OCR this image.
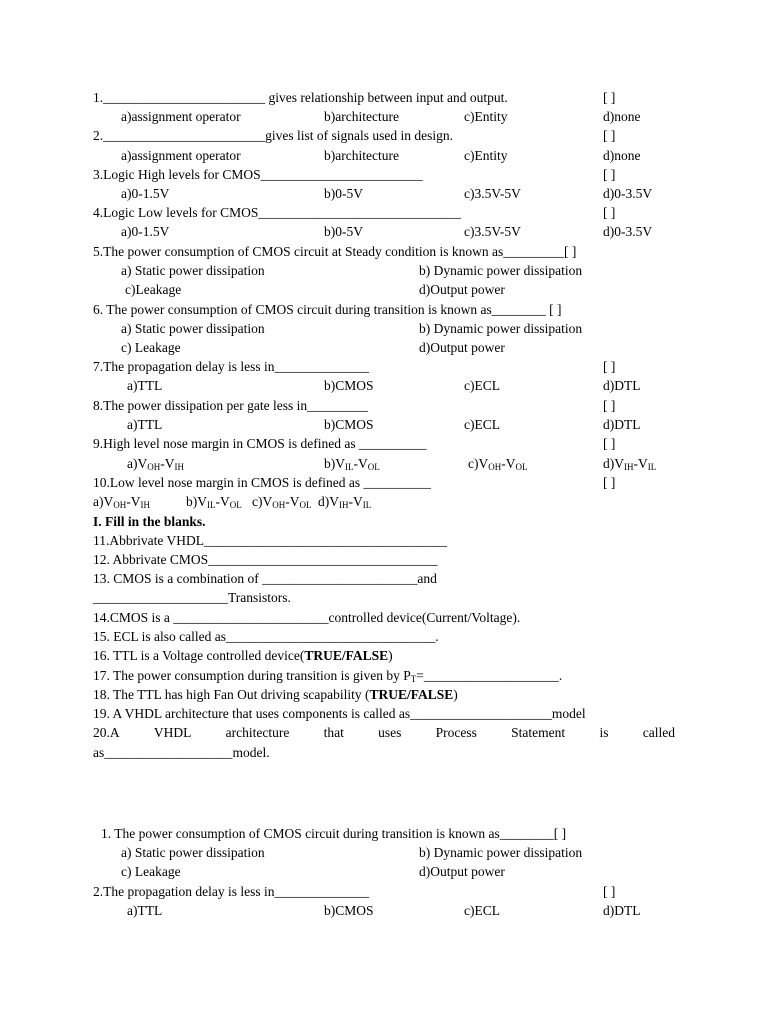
1.________________________ gives relationship between input and output.	[ ]
a)assignment operator	b)architecture	c)Entity	d)none
2.________________________gives list of signals used in design.	[ ]
a)assignment operator	b)architecture	c)Entity	d)none
3.Logic High levels for CMOS________________________	[ ]
a)0-1.5V	b)0-5V	c)3.5V-5V	d)0-3.5V
4.Logic Low levels for CMOS______________________________	[ ]
a)0-1.5V	b)0-5V	c)3.5V-5V	d)0-3.5V
5.The power consumption of CMOS circuit at Steady condition is known as_________[ ]
a) Static power dissipation	b) Dynamic power dissipation
c)Leakage	d)Output power
6. The power consumption of CMOS circuit during transition is known as________ [ ]
a) Static power dissipation	b) Dynamic power dissipation
c) Leakage	d)Output power
7.The propagation delay is less in______________	[ ]
a)TTL	b)CMOS	c)ECL	d)DTL
8.The power dissipation per gate less in_________	[ ]
a)TTL	b)CMOS	c)ECL	d)DTL
9.High level nose margin in CMOS is defined as __________	[ ]
$a)V_{OH}-V_{IH}$	$b)V_{IL}-V_{OL}$	$c)V_{OH}-V_{OL}$	$d)V_{IH}-V_{IL}$
10.Low level nose margin in CMOS is defined as __________	[ ]
$a)V_{OH}-V_{IH}$	$b)V_{IL}-V_{OL}$ $c)V_{OH}-V_{OL}$ $d)V_{IH}-V_{IL}$
I. Fill in the blanks.
11.Abbrivate VHDL____________________________________
12. Abbrivate CMOS__________________________________
13. CMOS is a combination of _______________________and
____________________Transistors.
14.CMOS is a _______________________controlled device(Current/Voltage).
15. ECL is also called as_______________________________.
16. TTL is a Voltage controlled device(TRUE/FALSE)
17. The power consumption during transition is given by $P_T=\_\_\_\_\_\_\_\_\_\_\_\_\_\_\_\_\_\_\_\_$.
18. The TTL has high Fan Out driving scapability (TRUE/FALSE)
19. A VHDL architecture that uses components is called as_____________________model
20.A	VHDL	architecture	that	uses	Process	Statement	is	called
as___________________model.
1. The power consumption of CMOS circuit during transition is known as________[ ]
a) Static power dissipation	b) Dynamic power dissipation
c) Leakage	d)Output power
2.The propagation delay is less in______________	[ ]
a)TTL	b)CMOS	c)ECL	d)DTL
